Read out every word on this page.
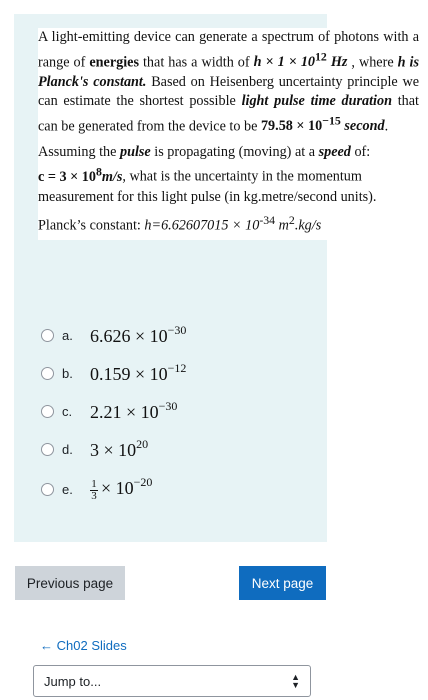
A light-emitting device can generate a spectrum of photons with a range of energies that has a width of $h \times 1 \times 10^{12}$ Hz , where h is Planck's constant. Based on Heisenberg uncertainty principle we can estimate the shortest possible light pulse time duration that can be generated from the device to be $79.58 \times 10^{-15}$ second.

Assuming the pulse is propagating (moving) at a speed of:
$c = 3 \times 10^8m/s$, what is the uncertainty in the momentum measurement for this light pulse (in kg.metre/second units).

Planck’s constant: $h=6.62607015 \times 10^{-34}$ $m^2.kg/s$

a. $6.626 \times 10^{-30}$
b. $0.159 \times 10^{-12}$
c. $2.21 \times 10^{-30}$
d. $3 \times 10^{20}$
e.	$\frac{1}{3} \times 10^{-20}$
Previous page	Next page
← Ch02 Slides
Jump to...	▲
▼
